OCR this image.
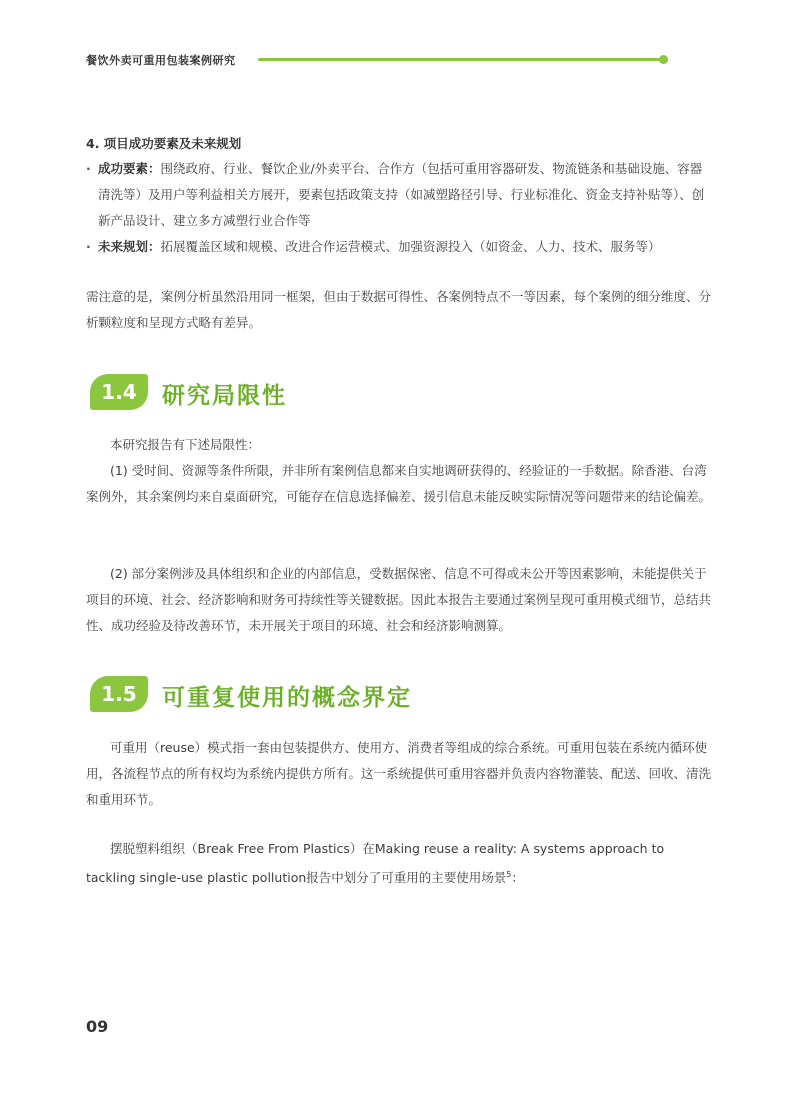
餐饮外卖可重用包装案例研究
4. 项目成功要素及未来规划
· 成功要素：围绕政府、行业、餐饮企业/外卖平台、合作方（包括可重用容器研发、物流链条和基础设施、容器清洗等）及用户等利益相关方展开，要素包括政策支持（如减塑路径引导、行业标准化、资金支持补贴等）、创新产品设计、建立多方减塑行业合作等
· 未来规划：拓展覆盖区域和规模、改进合作运营模式、加强资源投入（如资金、人力、技术、服务等）
需注意的是，案例分析虽然沿用同一框架，但由于数据可得性、各案例特点不一等因素，每个案例的细分维度、分析颗粒度和呈现方式略有差异。
1.4	研究局限性
本研究报告有下述局限性：
(1) 受时间、资源等条件所限，并非所有案例信息都来自实地调研获得的、经验证的一手数据。除香港、台湾案例外，其余案例均来自桌面研究，可能存在信息选择偏差、援引信息未能反映实际情况等问题带来的结论偏差。
(2) 部分案例涉及具体组织和企业的内部信息，受数据保密、信息不可得或未公开等因素影响，未能提供关于项目的环境、社会、经济影响和财务可持续性等关键数据。因此本报告主要通过案例呈现可重用模式细节，总结共性、成功经验及待改善环节，未开展关于项目的环境、社会和经济影响测算。
1.5	可重复使用的概念界定
可重用（reuse）模式指一套由包装提供方、使用方、消费者等组成的综合系统。可重用包装在系统内循环使用，各流程节点的所有权均为系统内提供方所有。这一系统提供可重用容器并负责内容物灌装、配送、回收、清洗和重用环节。
摆脱塑料组织（Break Free From Plastics）在Making reuse a reality: A systems approach to tackling single-use plastic pollution报告中划分了可重用的主要使用场景$^5$：
09
